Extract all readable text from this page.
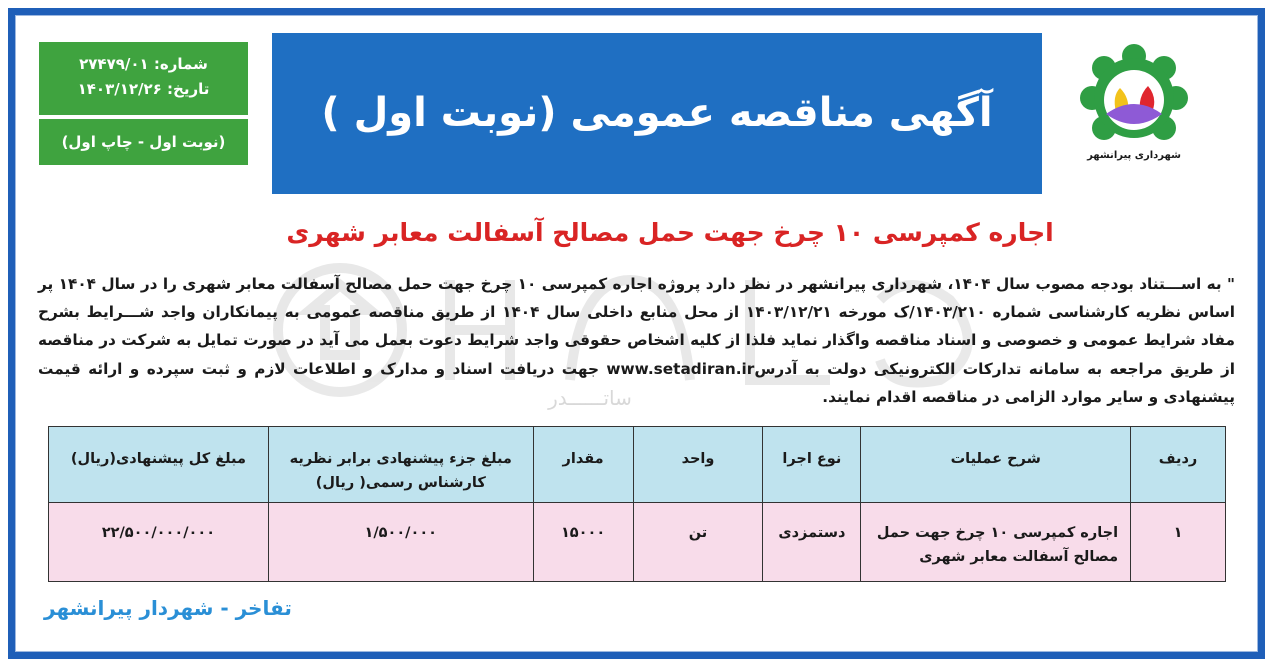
ساتــــــدر
شماره: ۲۷۴۷۹/۰۱
تاریخ: ۱۴۰۳/۱۲/۲۶
(نوبت اول - چاپ اول)
آگهی مناقصه عمومی (نوبت اول )
شهرداری پیرانشهر
اجاره کمپرسی ۱۰ چرخ جهت حمل مصالح آسفالت معابر شهری
" به اســـتناد بودجه مصوب سال ۱۴۰۴، شهرداری پیرانشهر در نظر دارد پروژه اجاره کمپرسی ۱۰ چرخ جهت حمل مصالح آسفالت معابر شهری را در سال ۱۴۰۴ پر اساس نظریه کارشناسی شماره ۱۴۰۳/۲۱۰/ک مورخه ۱۴۰۳/۱۲/۲۱ از محل منابع داخلی سال ۱۴۰۴ از طریق مناقصه عمومی به پیمانکاران واجد شـــرایط بشرح مفاد شرایط عمومی و خصوصی و اسناد مناقصه واگذار نماید فلذا از کلیه اشخاص حقوقی واجد شرایط دعوت بعمل می آید در صورت تمایل به شرکت در مناقصه از طریق مراجعه به سامانه تدارکات الکترونیکی دولت به آدرسwww.setadiran.ir جهت دریافت اسناد و مدارک و اطلاعات لازم و ثبت سپرده و ارائه قیمت پیشنهادی و سایر موارد الزامی در مناقصه اقدام نمایند.
ردیف	شرح عملیات	نوع اجرا	واحد	مقدار	مبلغ جزء پیشنهادی برابر نظریه کارشناس رسمی( ریال)	مبلغ کل پیشنهادی(ریال)
۱	اجاره کمپرسی ۱۰ چرخ جهت حمل مصالح آسفالت معابر شهری	دستمزدی	تن	۱۵۰۰۰	۱/۵۰۰/۰۰۰	۲۲/۵۰۰/۰۰۰/۰۰۰
تفاخر - شهردار پیرانشهر
